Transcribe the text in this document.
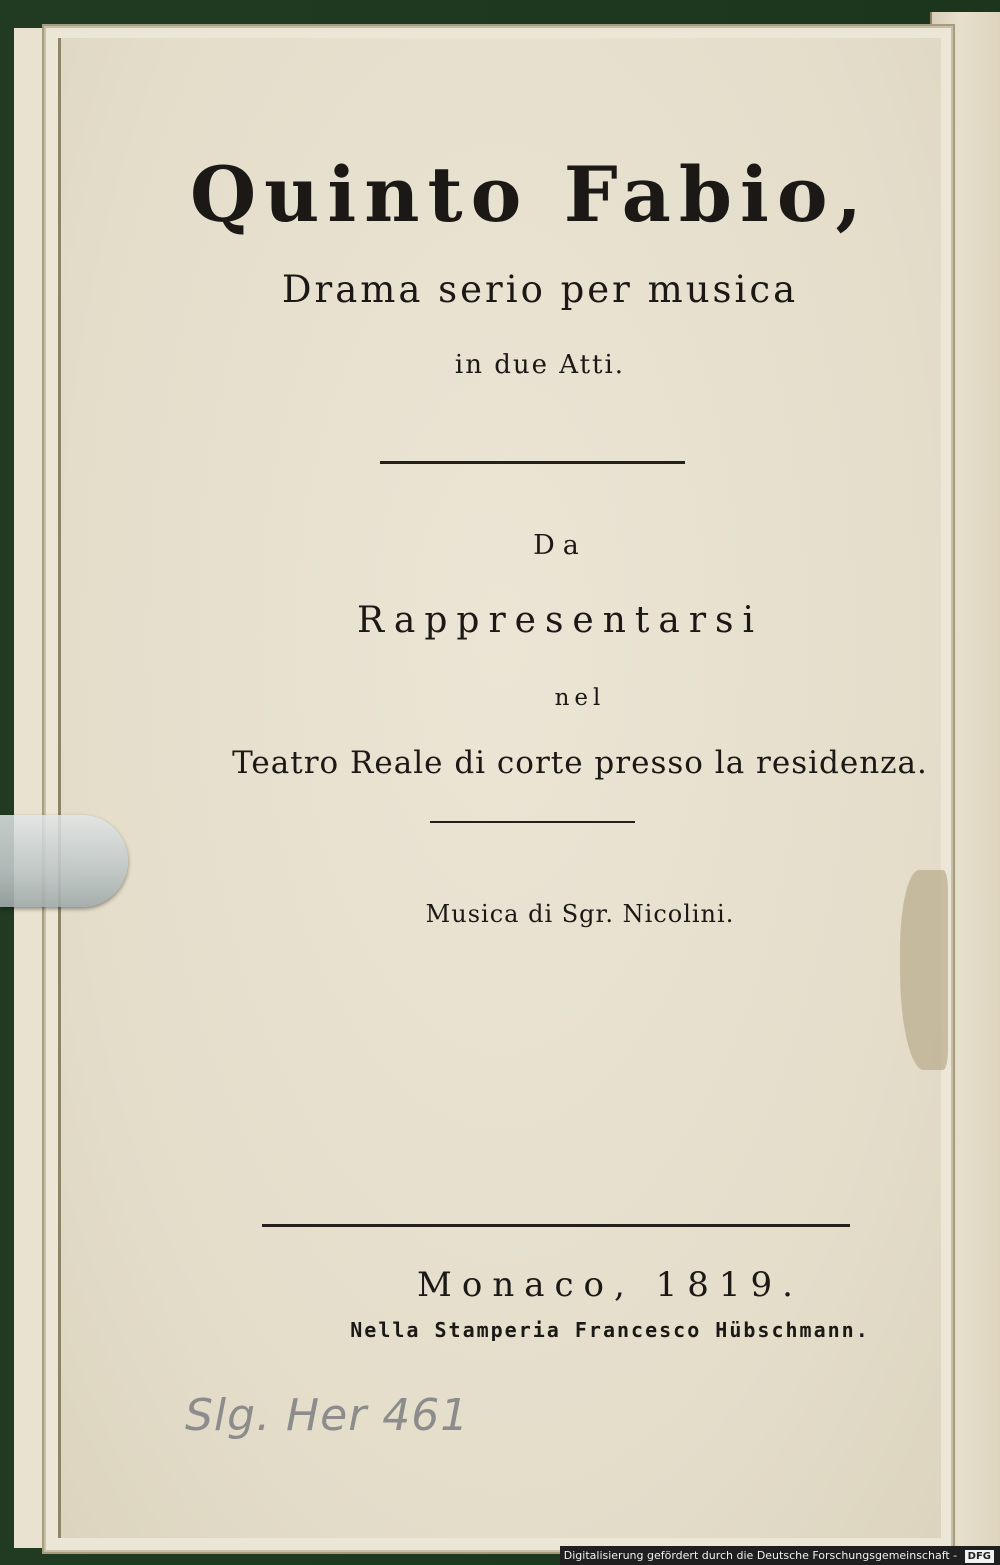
Quinto Fabio,

Drama serio per musica

in due Atti.

Da

Rappresentarsi

nel

Teatro Reale di corte presso la residenza.

Musica di Sgr. Nicolini.

Monaco, 1819.

Nella Stamperia Francesco Hübschmann.

Slg. Her 461
Digitalisierung gefördert durch die Deutsche Forschungsgemeinschaft - DFG
